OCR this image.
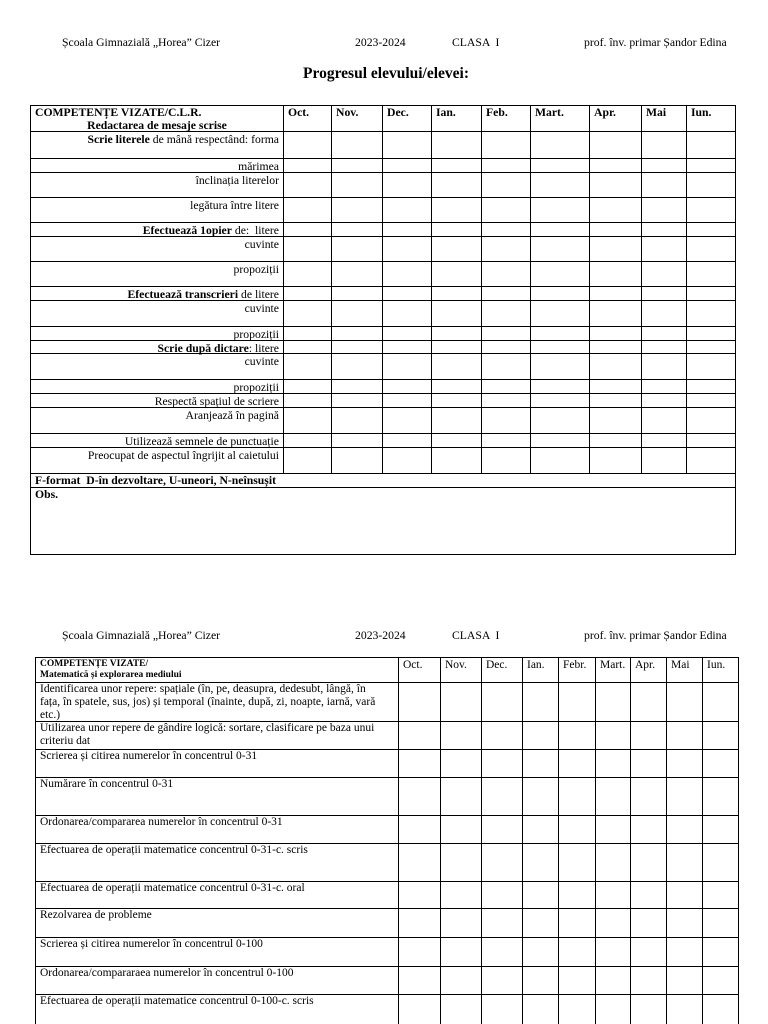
Școala Gimnazială „Horea” Cizer	2023-2024	CLASA  I	prof. înv. primar Șandor Edina
Progresul elevului/elevei:
COMPETENȚE VIZATE/C.L.R.
Redactarea de mesaje scrise
Oct.	Nov.	Dec.	Ian.	Feb.	Mart.	Apr.	Mai	Iun.
Scrie literele de mână respectând: forma
mărimea
înclinația literelor
legătura între litere
Efectuează 1opier de:  litere
cuvinte
propoziții
Efectuează transcrieri de litere
cuvinte
propoziții
Scrie după dictare: litere
cuvinte
propoziții
Respectă spațiul de scriere
Aranjează în pagină
Utilizează semnele de punctuație
Preocupat de aspectul îngrijit al caietului
F-format  D-în dezvoltare, U-uneori, N-neînsușit
Obs.
Școala Gimnazială „Horea” Cizer	2023-2024	CLASA  I	prof. înv. primar Șandor Edina
COMPETENȚE VIZATE/
Matematică și explorarea mediului
Oct.	Nov.	Dec.	Ian.	Febr.	Mart. Apr.	Mai	Iun.
Identificarea unor repere: spațiale (în, pe, deasupra, dedesubt, lângă, în
fața, în spatele, sus, jos) și temporal (înainte, după, zi, noapte, iarnă, vară
etc.)
Utilizarea unor repere de gândire logică: sortare, clasificare pe baza unui
criteriu dat
Scrierea și citirea numerelor în concentrul 0-31
Numărare în concentrul 0-31
Ordonarea/compararea numerelor în concentrul 0-31
Efectuarea de operații matematice concentrul 0-31-c. scris
Efectuarea de operații matematice concentrul 0-31-c. oral
Rezolvarea de probleme
Scrierea și citirea numerelor în concentrul 0-100
Ordonarea/compararaea numerelor în concentrul 0-100
Efectuarea de operații matematice concentrul 0-100-c. scris
